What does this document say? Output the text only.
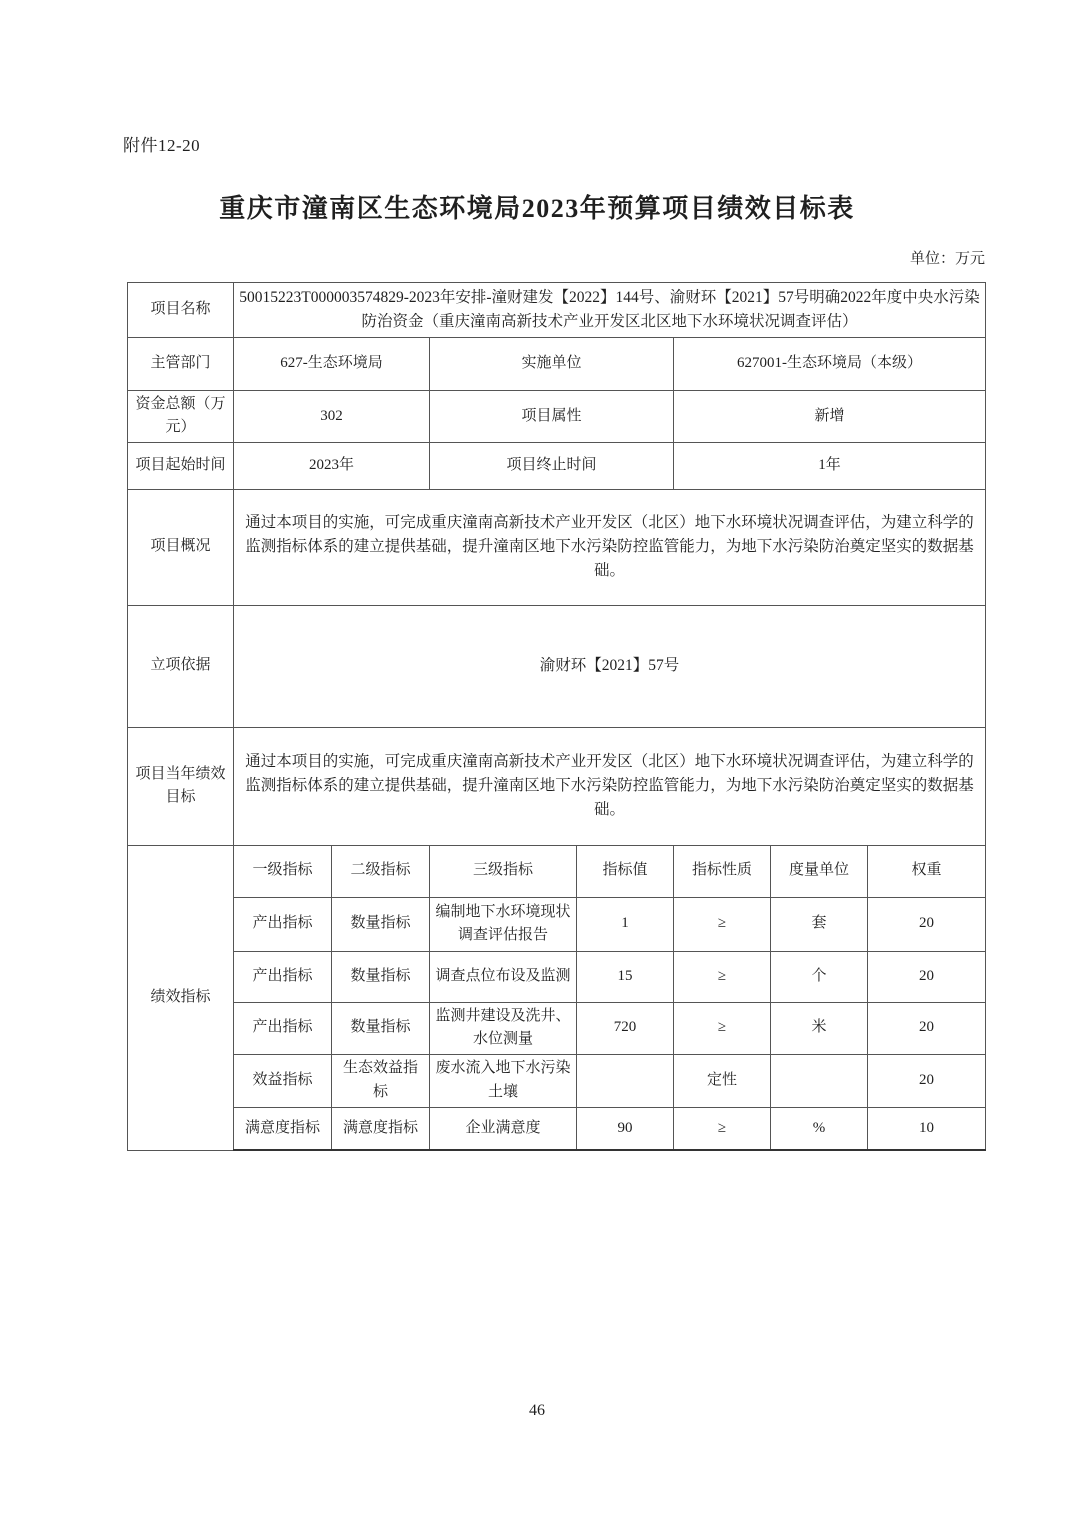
附件12-20
重庆市潼南区生态环境局2023年预算项目绩效目标表
单位：万元
项目名称	50015223T000003574829-2023年安排-潼财建发【2022】144号、渝财环【2021】57号明确2022年度中央水污染防治资金（重庆潼南高新技术产业开发区北区地下水环境状况调查评估）						
主管部门	627-生态环境局		实施单位		627001-生态环境局（本级）		
资金总额（万元）	302		项目属性		新增		
项目起始时间	2023年		项目终止时间		1年		
项目概况	通过本项目的实施，可完成重庆潼南高新技术产业开发区（北区）地下水环境状况调查评估，为建立科学的监测指标体系的建立提供基础，提升潼南区地下水污染防控监管能力，为地下水污染防治奠定坚实的数据基础。						
立项依据	渝财环【2021】57号						
项目当年绩效目标	通过本项目的实施，可完成重庆潼南高新技术产业开发区（北区）地下水环境状况调查评估，为建立科学的监测指标体系的建立提供基础，提升潼南区地下水污染防控监管能力，为地下水污染防治奠定坚实的数据基础。						
绩效指标	一级指标	二级指标	三级指标	指标值	指标性质	度量单位	权重
	产出指标	数量指标	编制地下水环境现状调查评估报告	1	≥	套	20
	产出指标	数量指标	调查点位布设及监测	15	≥	个	20
	产出指标	数量指标	监测井建设及洗井、水位测量	720	≥	米	20
	效益指标	生态效益指标	废水流入地下水污染土壤		定性		20
	满意度指标	满意度指标	企业满意度	90	≥	%	10
46
